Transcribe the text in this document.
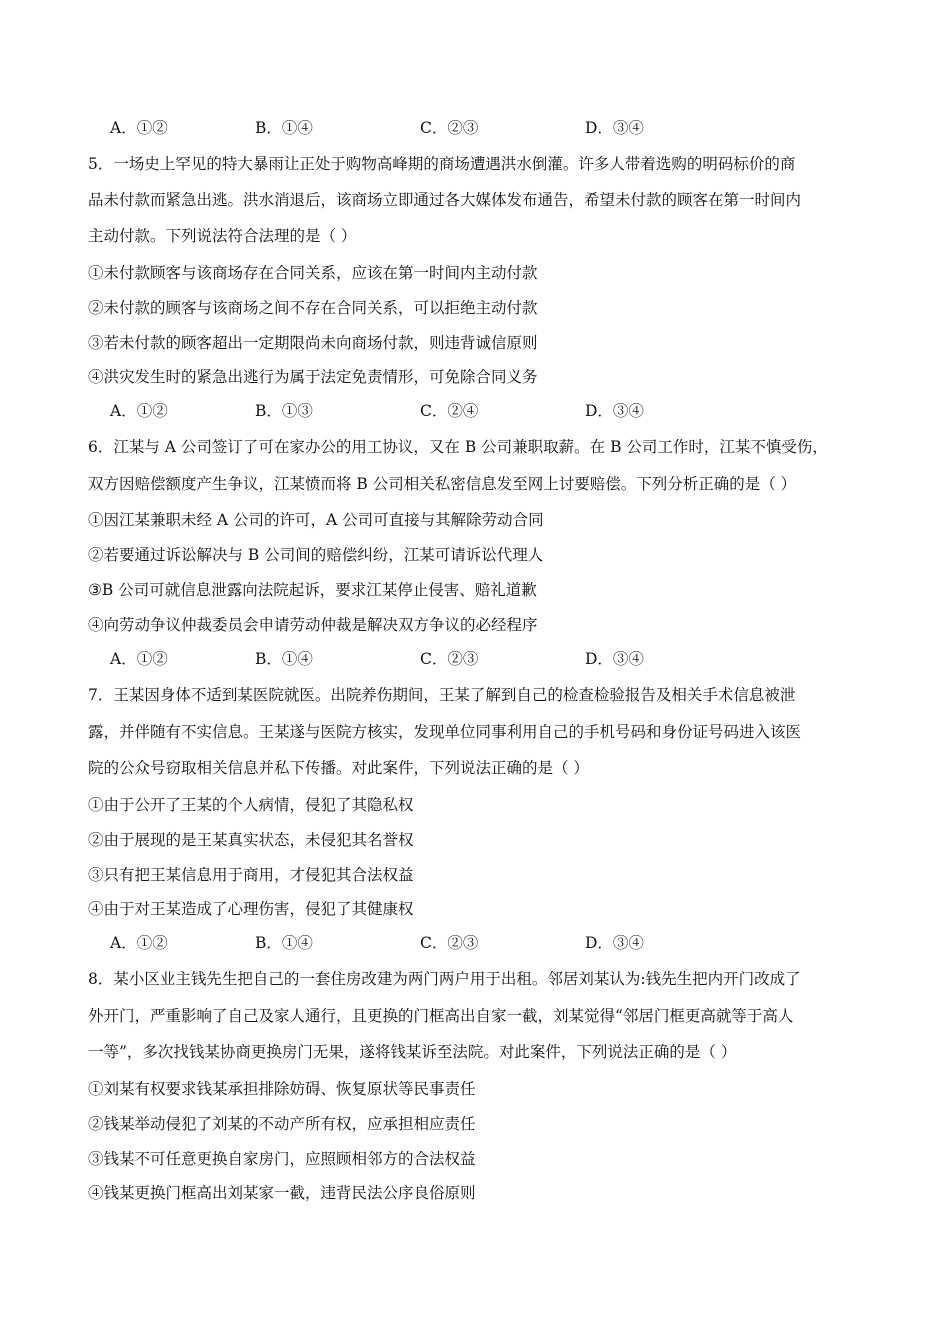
A．①②	B．①④	C．②③	D．③④
5．一场史上罕见的特大暴雨让正处于购物高峰期的商场遭遇洪水倒灌。许多人带着选购的明码标价的商
品未付款而紧急出逃。洪水消退后，该商场立即通过各大媒体发布通告，希望未付款的顾客在第一时间内
主动付款。下列说法符合法理的是（ ）
①未付款顾客与该商场存在合同关系，应该在第一时间内主动付款
②未付款的顾客与该商场之间不存在合同关系，可以拒绝主动付款
③若未付款的顾客超出一定期限尚未向商场付款，则违背诚信原则
④洪灾发生时的紧急出逃行为属于法定免责情形，可免除合同义务
A．①②	B．①③	C．②④	D．③④
6．江某与 A 公司签订了可在家办公的用工协议，又在 B 公司兼职取薪。在 B 公司工作时，江某不慎受伤，
双方因赔偿额度产生争议，江某愤而将 B 公司相关私密信息发至网上讨要赔偿。下列分析正确的是（ ）
①因江某兼职未经 A 公司的许可，A 公司可直接与其解除劳动合同
②若要通过诉讼解决与 B 公司间的赔偿纠纷，江某可请诉讼代理人
③B 公司可就信息泄露向法院起诉，要求江某停止侵害、赔礼道歉
④向劳动争议仲裁委员会申请劳动仲裁是解决双方争议的必经程序
A．①②	B．①④	C．②③	D．③④
7．王某因身体不适到某医院就医。出院养伤期间，王某了解到自己的检查检验报告及相关手术信息被泄
露，并伴随有不实信息。王某遂与医院方核实，发现单位同事利用自己的手机号码和身份证号码进入该医
院的公众号窃取相关信息并私下传播。对此案件，下列说法正确的是（ ）
①由于公开了王某的个人病情，侵犯了其隐私权
②由于展现的是王某真实状态，未侵犯其名誉权
③只有把王某信息用于商用，才侵犯其合法权益
④由于对王某造成了心理伤害，侵犯了其健康权
A．①②	B．①④	C．②③	D．③④
8．某小区业主钱先生把自己的一套住房改建为两门两户用于出租。邻居刘某认为:钱先生把内开门改成了
外开门，严重影响了自己及家人通行，且更换的门框高出自家一截，刘某觉得“邻居门框更高就等于高人
一等”，多次找钱某协商更换房门无果，遂将钱某诉至法院。对此案件，下列说法正确的是（ ）
①刘某有权要求钱某承担排除妨碍、恢复原状等民事责任
②钱某举动侵犯了刘某的不动产所有权，应承担相应责任
③钱某不可任意更换自家房门，应照顾相邻方的合法权益
④钱某更换门框高出刘某家一截，违背民法公序良俗原则
